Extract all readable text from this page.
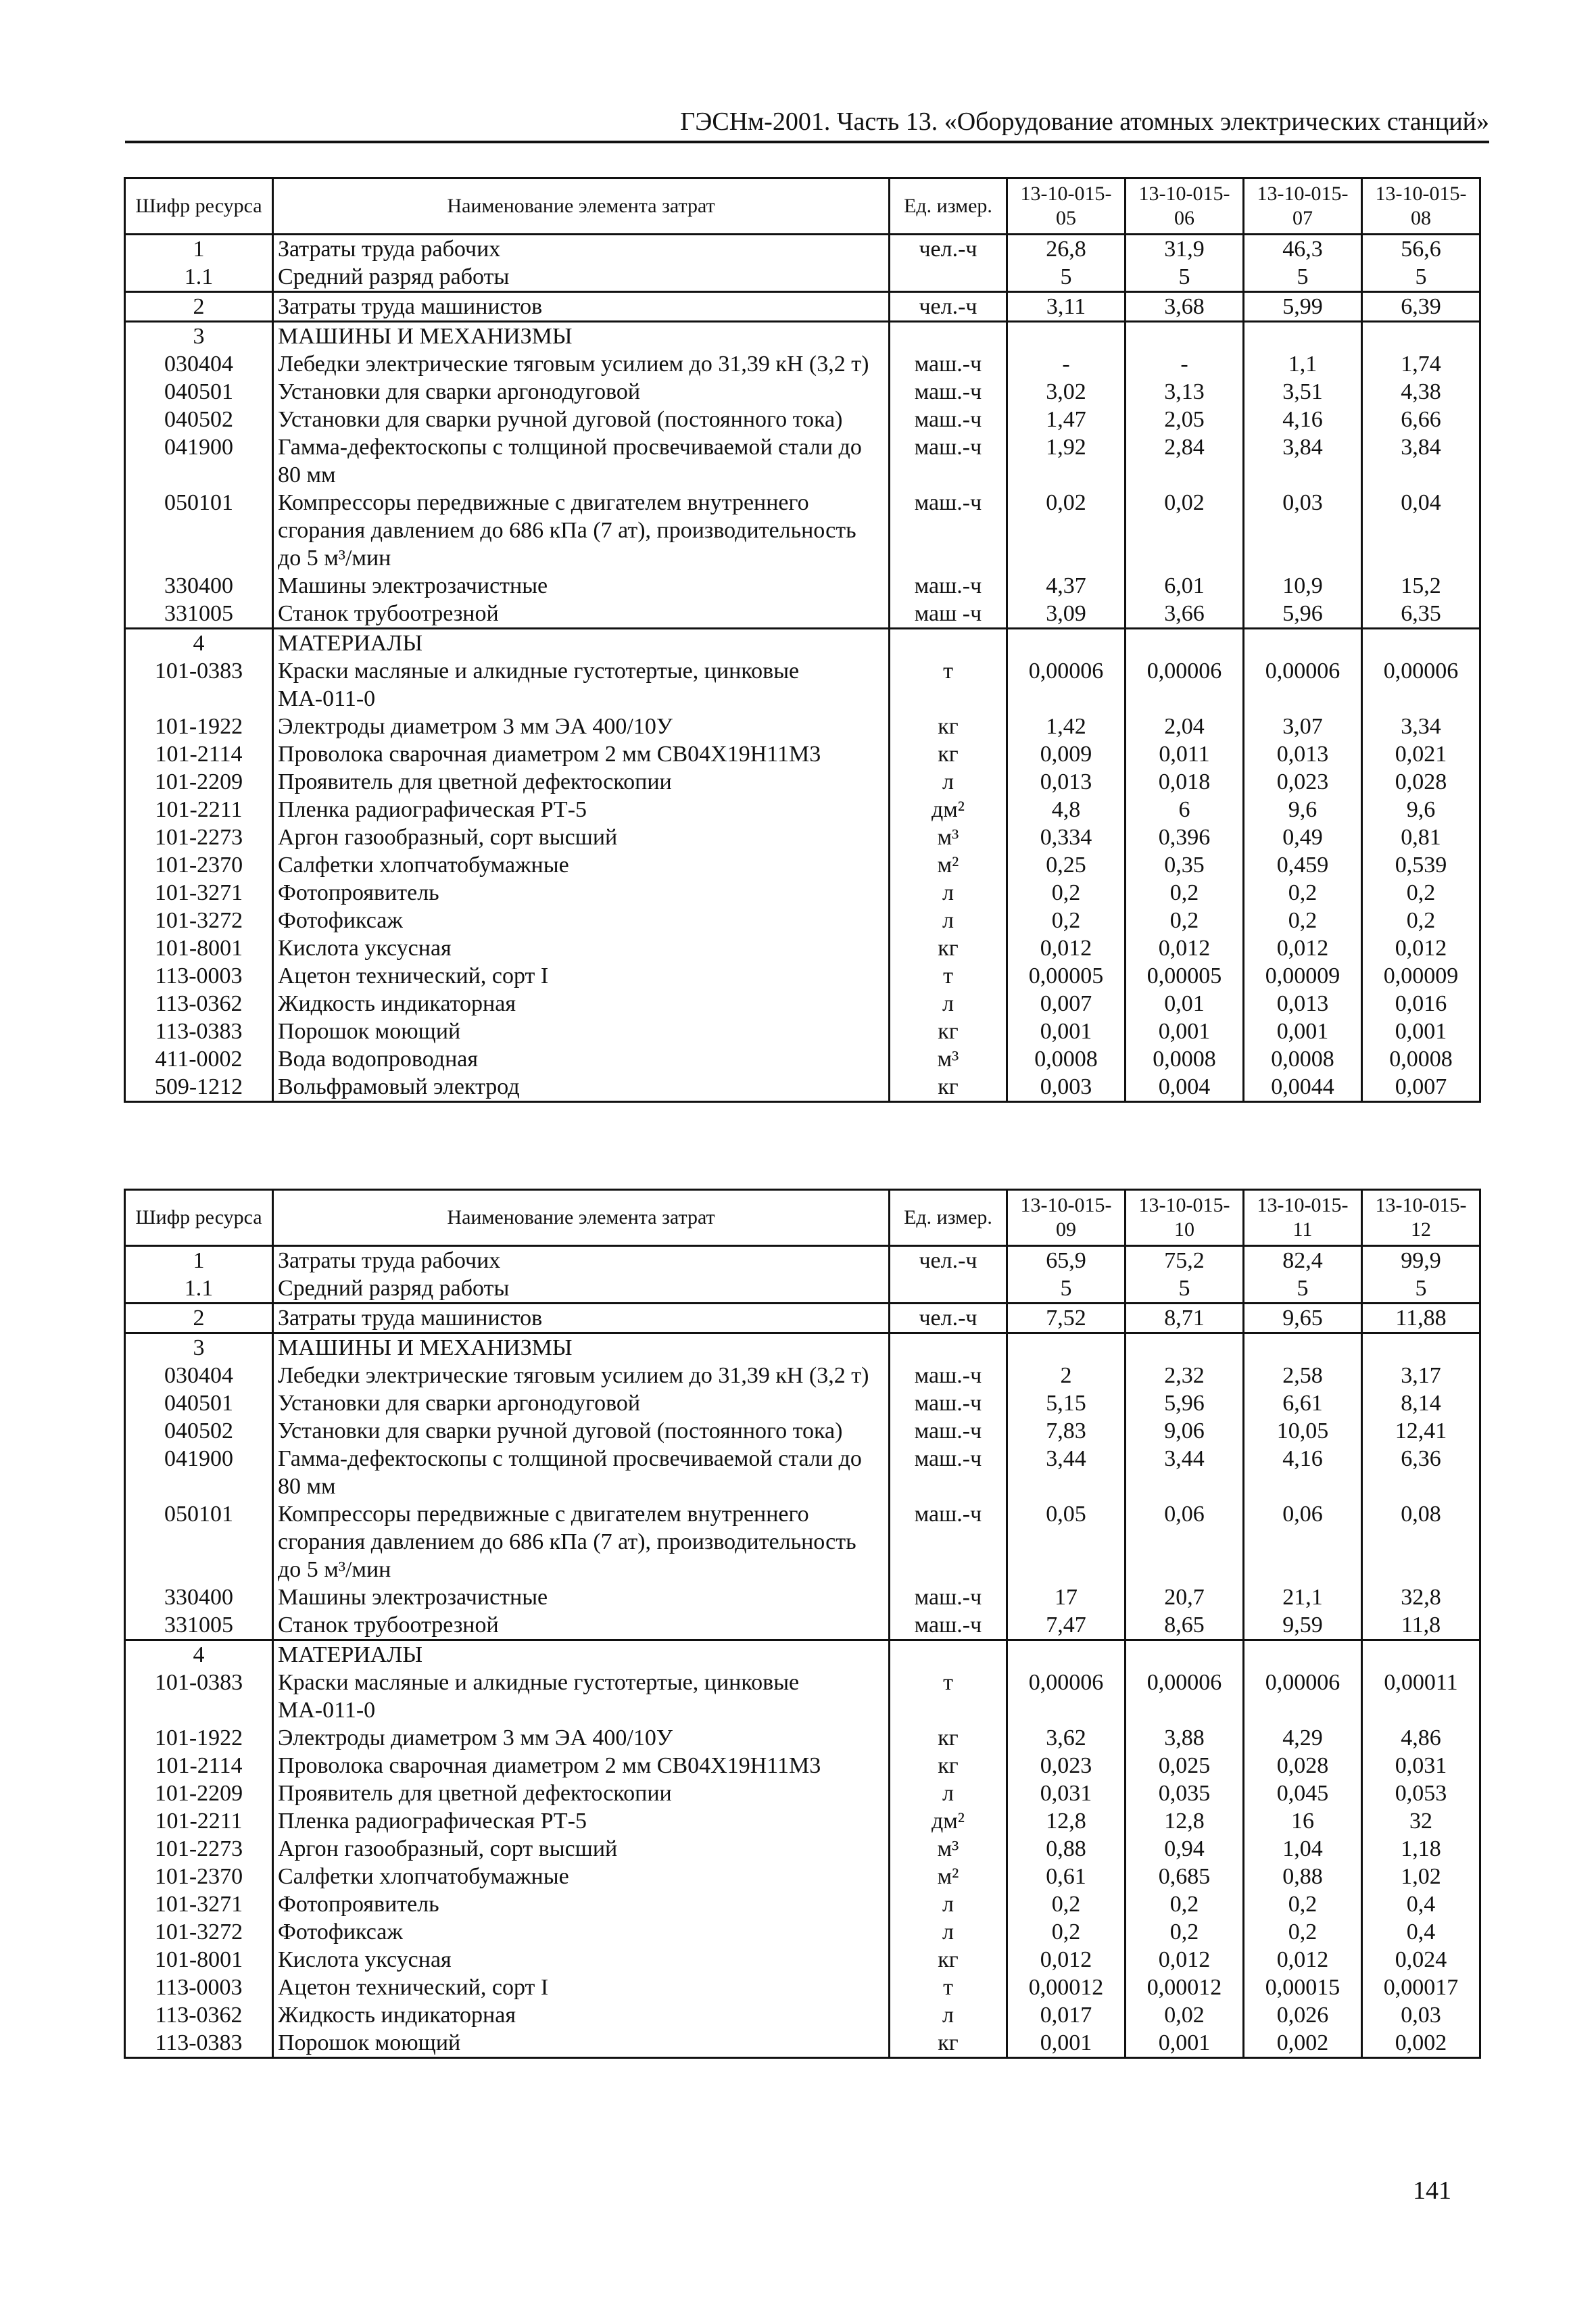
ГЭСНм-2001. Часть 13. «Оборудование атомных электрических станций»
Шифр ресурса	Наименование элемента затрат	Ед. измер.	13-10-015-05	13-10-015-06	13-10-015-07	13-10-015-08
1	Затраты труда рабочих	чел.-ч	26,8	31,9	46,3	56,6
1.1	Средний разряд работы		5	5	5	5
2	Затраты труда машинистов	чел.-ч	3,11	3,68	5,99	6,39
3	МАШИНЫ И МЕХАНИЗМЫ					
030404	Лебедки электрические тяговым усилием до 31,39 кН (3,2 т)	маш.-ч	-	-	1,1	1,74
040501	Установки для сварки аргонодуговой	маш.-ч	3,02	3,13	3,51	4,38
040502	Установки для сварки ручной дуговой (постоянного тока)	маш.-ч	1,47	2,05	4,16	6,66
041900	Гамма-дефектоскопы с толщиной просвечиваемой стали до 80 мм	маш.-ч	1,92	2,84	3,84	3,84
050101	Компрессоры передвижные с двигателем внутреннего сгорания давлением до 686 кПа (7 ат), производительность до 5 м³/мин	маш.-ч	0,02	0,02	0,03	0,04
330400	Машины электрозачистные	маш.-ч	4,37	6,01	10,9	15,2
331005	Станок трубоотрезной	маш -ч	3,09	3,66	5,96	6,35
4	МАТЕРИАЛЫ					
101-0383	Краски масляные и алкидные густотертые, цинковые МА-011-0	т	0,00006	0,00006	0,00006	0,00006
101-1922	Электроды диаметром 3 мм ЭА 400/10У	кг	1,42	2,04	3,07	3,34
101-2114	Проволока сварочная диаметром 2 мм СВ04Х19Н11М3	кг	0,009	0,011	0,013	0,021
101-2209	Проявитель для цветной дефектоскопии	л	0,013	0,018	0,023	0,028
101-2211	Пленка радиографическая РТ-5	дм²	4,8	6	9,6	9,6
101-2273	Аргон газообразный, сорт высший	м³	0,334	0,396	0,49	0,81
101-2370	Салфетки хлопчатобумажные	м²	0,25	0,35	0,459	0,539
101-3271	Фотопроявитель	л	0,2	0,2	0,2	0,2
101-3272	Фотофиксаж	л	0,2	0,2	0,2	0,2
101-8001	Кислота уксусная	кг	0,012	0,012	0,012	0,012
113-0003	Ацетон технический, сорт I	т	0,00005	0,00005	0,00009	0,00009
113-0362	Жидкость индикаторная	л	0,007	0,01	0,013	0,016
113-0383	Порошок моющий	кг	0,001	0,001	0,001	0,001
411-0002	Вода водопроводная	м³	0,0008	0,0008	0,0008	0,0008
509-1212	Вольфрамовый электрод	кг	0,003	0,004	0,0044	0,007
Шифр ресурса	Наименование элемента затрат	Ед. измер.	13-10-015-09	13-10-015-10	13-10-015-11	13-10-015-12
1	Затраты труда рабочих	чел.-ч	65,9	75,2	82,4	99,9
1.1	Средний разряд работы		5	5	5	5
2	Затраты труда машинистов	чел.-ч	7,52	8,71	9,65	11,88
3	МАШИНЫ И МЕХАНИЗМЫ					
030404	Лебедки электрические тяговым усилием до 31,39 кН (3,2 т)	маш.-ч	2	2,32	2,58	3,17
040501	Установки для сварки аргонодуговой	маш.-ч	5,15	5,96	6,61	8,14
040502	Установки для сварки ручной дуговой (постоянного тока)	маш.-ч	7,83	9,06	10,05	12,41
041900	Гамма-дефектоскопы с толщиной просвечиваемой стали до 80 мм	маш.-ч	3,44	3,44	4,16	6,36
050101	Компрессоры передвижные с двигателем внутреннего сгорания давлением до 686 кПа (7 ат), производительность до 5 м³/мин	маш.-ч	0,05	0,06	0,06	0,08
330400	Машины электрозачистные	маш.-ч	17	20,7	21,1	32,8
331005	Станок трубоотрезной	маш.-ч	7,47	8,65	9,59	11,8
4	МАТЕРИАЛЫ					
101-0383	Краски масляные и алкидные густотертые, цинковые МА-011-0	т	0,00006	0,00006	0,00006	0,00011
101-1922	Электроды диаметром 3 мм ЭА 400/10У	кг	3,62	3,88	4,29	4,86
101-2114	Проволока сварочная диаметром 2 мм СВ04Х19Н11М3	кг	0,023	0,025	0,028	0,031
101-2209	Проявитель для цветной дефектоскопии	л	0,031	0,035	0,045	0,053
101-2211	Пленка радиографическая РТ-5	дм²	12,8	12,8	16	32
101-2273	Аргон газообразный, сорт высший	м³	0,88	0,94	1,04	1,18
101-2370	Салфетки хлопчатобумажные	м²	0,61	0,685	0,88	1,02
101-3271	Фотопроявитель	л	0,2	0,2	0,2	0,4
101-3272	Фотофиксаж	л	0,2	0,2	0,2	0,4
101-8001	Кислота уксусная	кг	0,012	0,012	0,012	0,024
113-0003	Ацетон технический, сорт I	т	0,00012	0,00012	0,00015	0,00017
113-0362	Жидкость индикаторная	л	0,017	0,02	0,026	0,03
113-0383	Порошок моющий	кг	0,001	0,001	0,002	0,002
141
